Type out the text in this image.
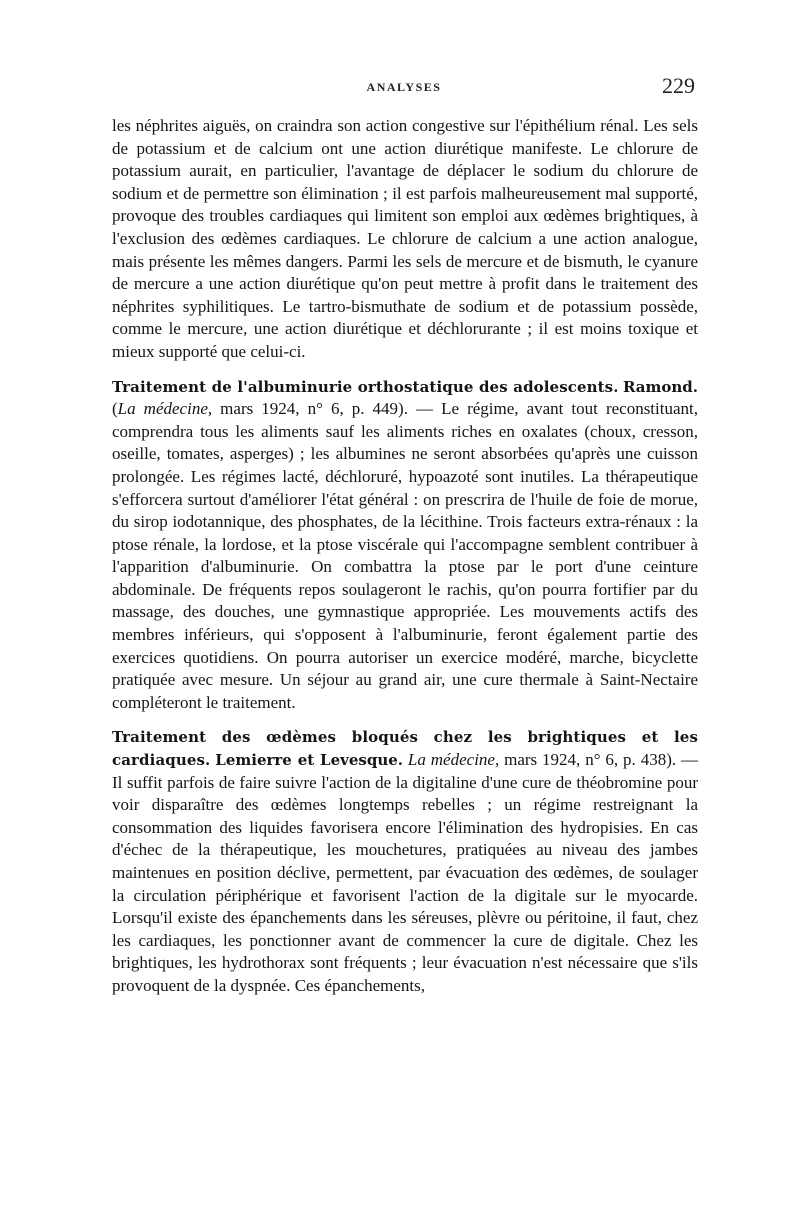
ANALYSES	229

les néphrites aiguës, on craindra son action congestive sur l'épithélium rénal. Les sels de potassium et de calcium ont une action diurétique manifeste. Le chlorure de potassium aurait, en particulier, l'avantage de déplacer le sodium du chlorure de sodium et de permettre son élimination ; il est parfois malheureusement mal supporté, provoque des troubles cardiaques qui limitent son emploi aux œdèmes brightiques, à l'exclusion des œdèmes cardiaques. Le chlorure de calcium a une action analogue, mais présente les mêmes dangers. Parmi les sels de mercure et de bismuth, le cyanure de mercure a une action diurétique qu'on peut mettre à profit dans le traitement des néphrites syphilitiques. Le tartro-bismuthate de sodium et de potassium possède, comme le mercure, une action diurétique et déchlorurante ; il est moins toxique et mieux supporté que celui-ci.

Traitement de l'albuminurie orthostatique des adolescents. Ramond. (La médecine, mars 1924, n° 6, p. 449). — Le régime, avant tout reconstituant, comprendra tous les aliments sauf les aliments riches en oxalates (choux, cresson, oseille, tomates, asperges) ; les albumines ne seront absorbées qu'après une cuisson prolongée. Les régimes lacté, déchloruré, hypoazoté sont inutiles. La thérapeutique s'efforcera surtout d'améliorer l'état général : on prescrira de l'huile de foie de morue, du sirop iodotannique, des phosphates, de la lécithine. Trois facteurs extra-rénaux : la ptose rénale, la lordose, et la ptose viscérale qui l'accompagne semblent contribuer à l'apparition d'albuminurie. On combattra la ptose par le port d'une ceinture abdominale. De fréquents repos soulageront le rachis, qu'on pourra fortifier par du massage, des douches, une gymnastique appropriée. Les mouvements actifs des membres inférieurs, qui s'opposent à l'albuminurie, feront également partie des exercices quotidiens. On pourra autoriser un exercice modéré, marche, bicyclette pratiquée avec mesure. Un séjour au grand air, une cure thermale à Saint-Nectaire compléteront le traitement.

Traitement des œdèmes bloqués chez les brightiques et les cardiaques. Lemierre et Levesque. La médecine, mars 1924, n° 6, p. 438). — Il suffit parfois de faire suivre l'action de la digitaline d'une cure de théobromine pour voir disparaître des œdèmes longtemps rebelles ; un régime restreignant la consommation des liquides favorisera encore l'élimination des hydropisies. En cas d'échec de la thérapeutique, les mouchetures, pratiquées au niveau des jambes maintenues en position déclive, permettent, par évacuation des œdèmes, de soulager la circulation périphérique et favorisent l'action de la digitale sur le myocarde. Lorsqu'il existe des épanchements dans les séreuses, plèvre ou péritoine, il faut, chez les cardiaques, les ponctionner avant de commencer la cure de digitale. Chez les brightiques, les hydrothorax sont fréquents ; leur évacuation n'est nécessaire que s'ils provoquent de la dyspnée. Ces épanchements,
